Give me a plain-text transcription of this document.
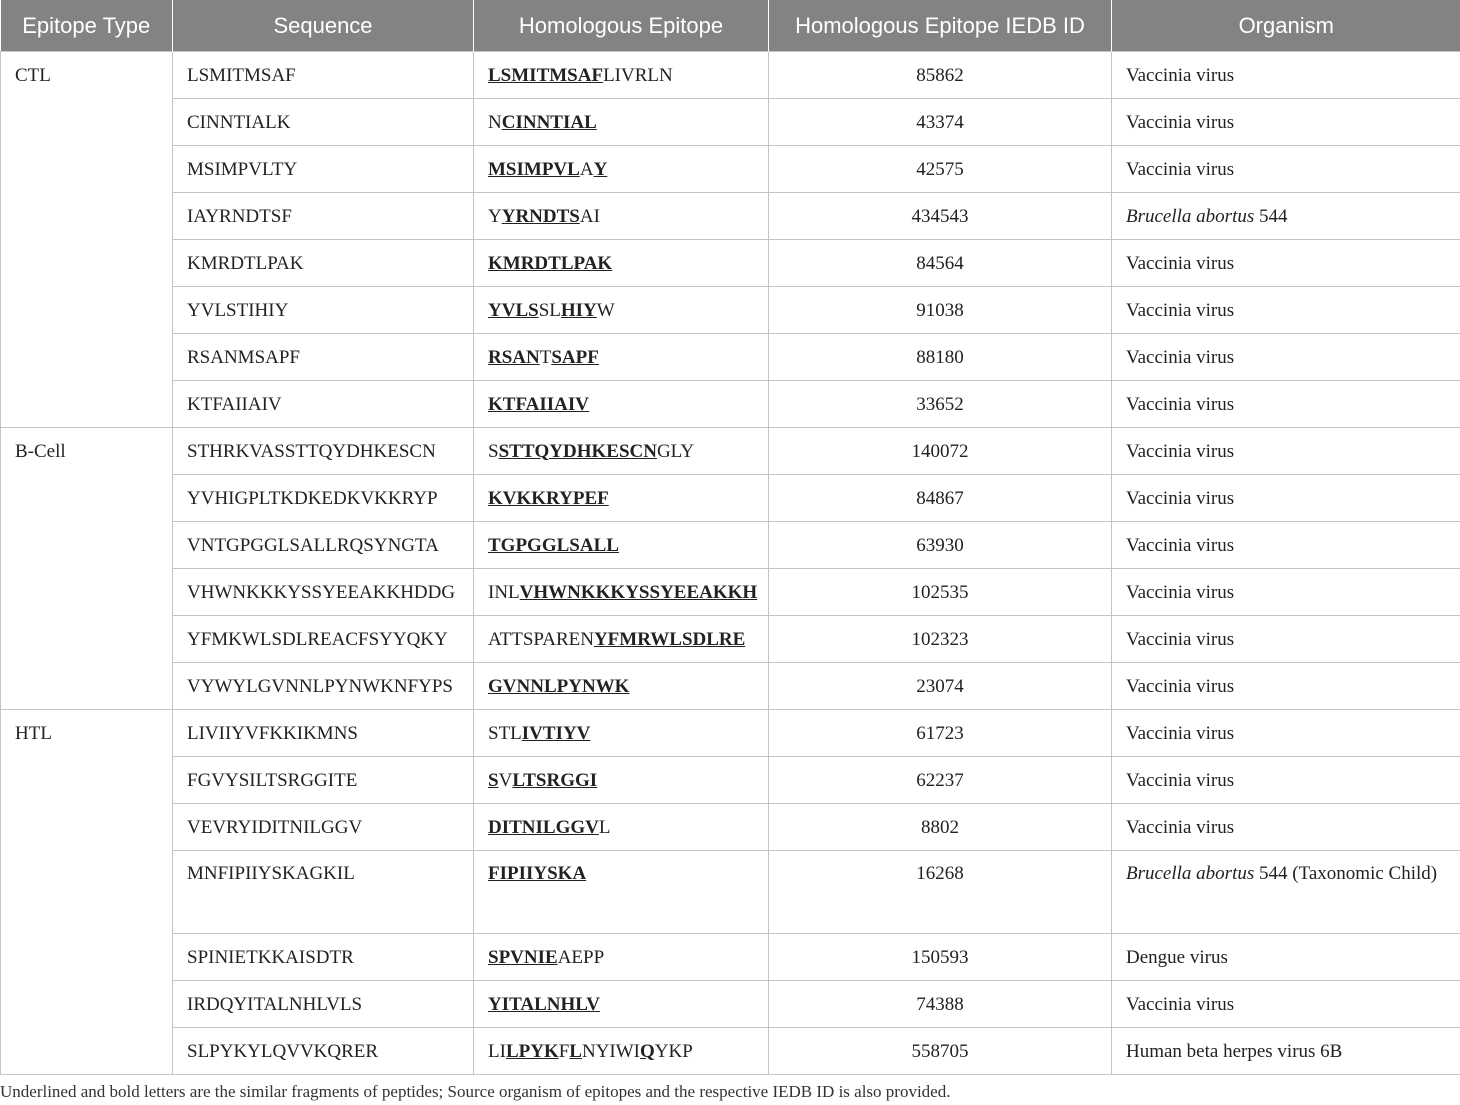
Epitope Type	Sequence	Homologous Epitope	Homologous Epitope IEDB ID	Organism
CTL	LSMITMSAF	LSMITMSAFLIVRLN	85862	Vaccinia virus
	CINNTIALK	NCINNTIAL	43374	Vaccinia virus
	MSIMPVLTY	MSIMPVLAY	42575	Vaccinia virus
	IAYRNDTSF	YYRNDTSAI	434543	Brucella abortus 544
	KMRDTLPAK	KMRDTLPAK	84564	Vaccinia virus
	YVLSTIHIY	YVLSSLHIYW	91038	Vaccinia virus
	RSANMSAPF	RSANTSAPF	88180	Vaccinia virus
	KTFAIIAIV	KTFAIIAIV	33652	Vaccinia virus
B-Cell	STHRKVASSTTQYDHKESCN	SSTTQYDHKESCNGLY	140072	Vaccinia virus
	YVHIGPLTKDKEDKVKKRYP	KVKKRYPEF	84867	Vaccinia virus
	VNTGPGGLSALLRQSYNGTA	TGPGGLSALL	63930	Vaccinia virus
	VHWNKKKYSSYEEAKKHDDG	INLVHWNKKKYSSYEEAKKH	102535	Vaccinia virus
	YFMKWLSDLREACFSYYQKY	ATTSPARENYFMRWLSDLRE	102323	Vaccinia virus
	VYWYLGVNNLPYNWKNFYPS	GVNNLPYNWK	23074	Vaccinia virus
HTL	LIVIIYVFKKIKMNS	STLIVTIYV	61723	Vaccinia virus
	FGVYSILTSRGGITE	SVLTSRGGI	62237	Vaccinia virus
	VEVRYIDITNILGGV	DITNILGGVL	8802	Vaccinia virus
	MNFIPIIYSKAGKIL	FIPIIYSKA	16268	Brucella abortus 544 (Taxonomic Child)
	SPINIETKKAISDTR	SPVNIEAEPP	150593	Dengue virus
	IRDQYITALNHLVLS	YITALNHLV	74388	Vaccinia virus
	SLPYKYLQVVKQRER	LILPYKFLNYIWIQYKP	558705	Human beta herpes virus 6B
Underlined and bold letters are the similar fragments of peptides; Source organism of epitopes and the respective IEDB ID is also provided.
